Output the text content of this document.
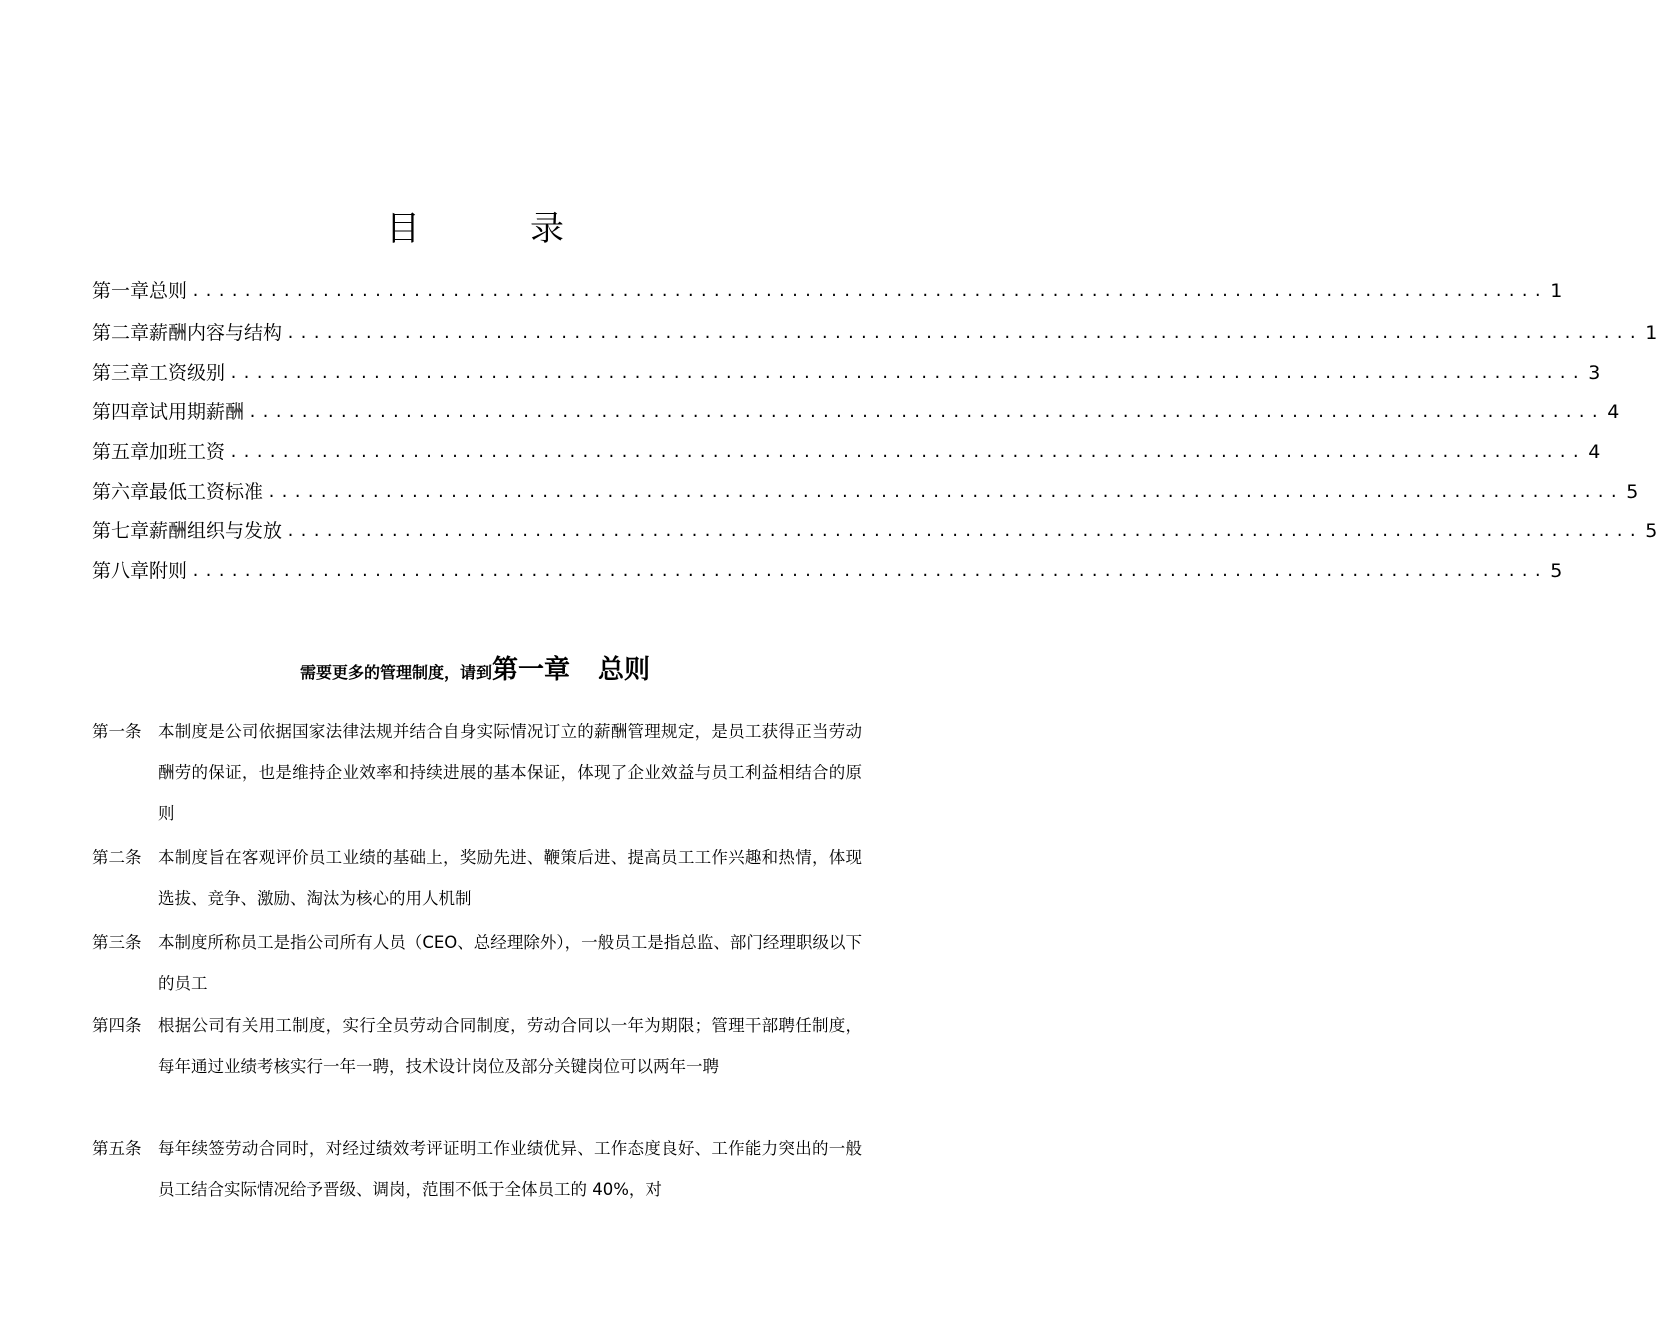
目　录
第一章 总则 ........................................................................................................ 1
第二章 薪酬内容与结构 ........................................................................................................ 1
第三章 工资级别 ........................................................................................................ 3
第四章 试用期薪酬 ........................................................................................................ 4
第五章 加班工资 ........................................................................................................ 4
第六章 最低工资标准 ........................................................................................................ 5
第七章 薪酬组织与发放 ........................................................................................................ 5
第八章 附则 ........................................................................................................ 5
需要更多的管理制度，请到第一章 总则
第一条	本制度是公司依据国家法律法规并结合自身实际情况订立的薪酬管理规定，是员工获得正当劳动酬劳的保证，也是维持企业效率和持续进展的基本保证，体现了企业效益与员工利益相结合的原则
第二条	本制度旨在客观评价员工业绩的基础上，奖励先进、鞭策后进、提高员工工作兴趣和热情，体现选拔、竞争、激励、淘汰为核心的用人机制
第三条	本制度所称员工是指公司所有人员（CEO、总经理除外），一般员工是指总监、部门经理职级以下的员工
第四条	根据公司有关用工制度，实行全员劳动合同制度，劳动合同以一年为期限；管理干部聘任制度，每年通过业绩考核实行一年一聘，技术设计岗位及部分关键岗位可以两年一聘
第五条	每年续签劳动合同时，对经过绩效考评证明工作业绩优异、工作态度良好、工作能力突出的一般员工结合实际情况给予晋级、调岗，范围不低于全体员工的 40%，对
